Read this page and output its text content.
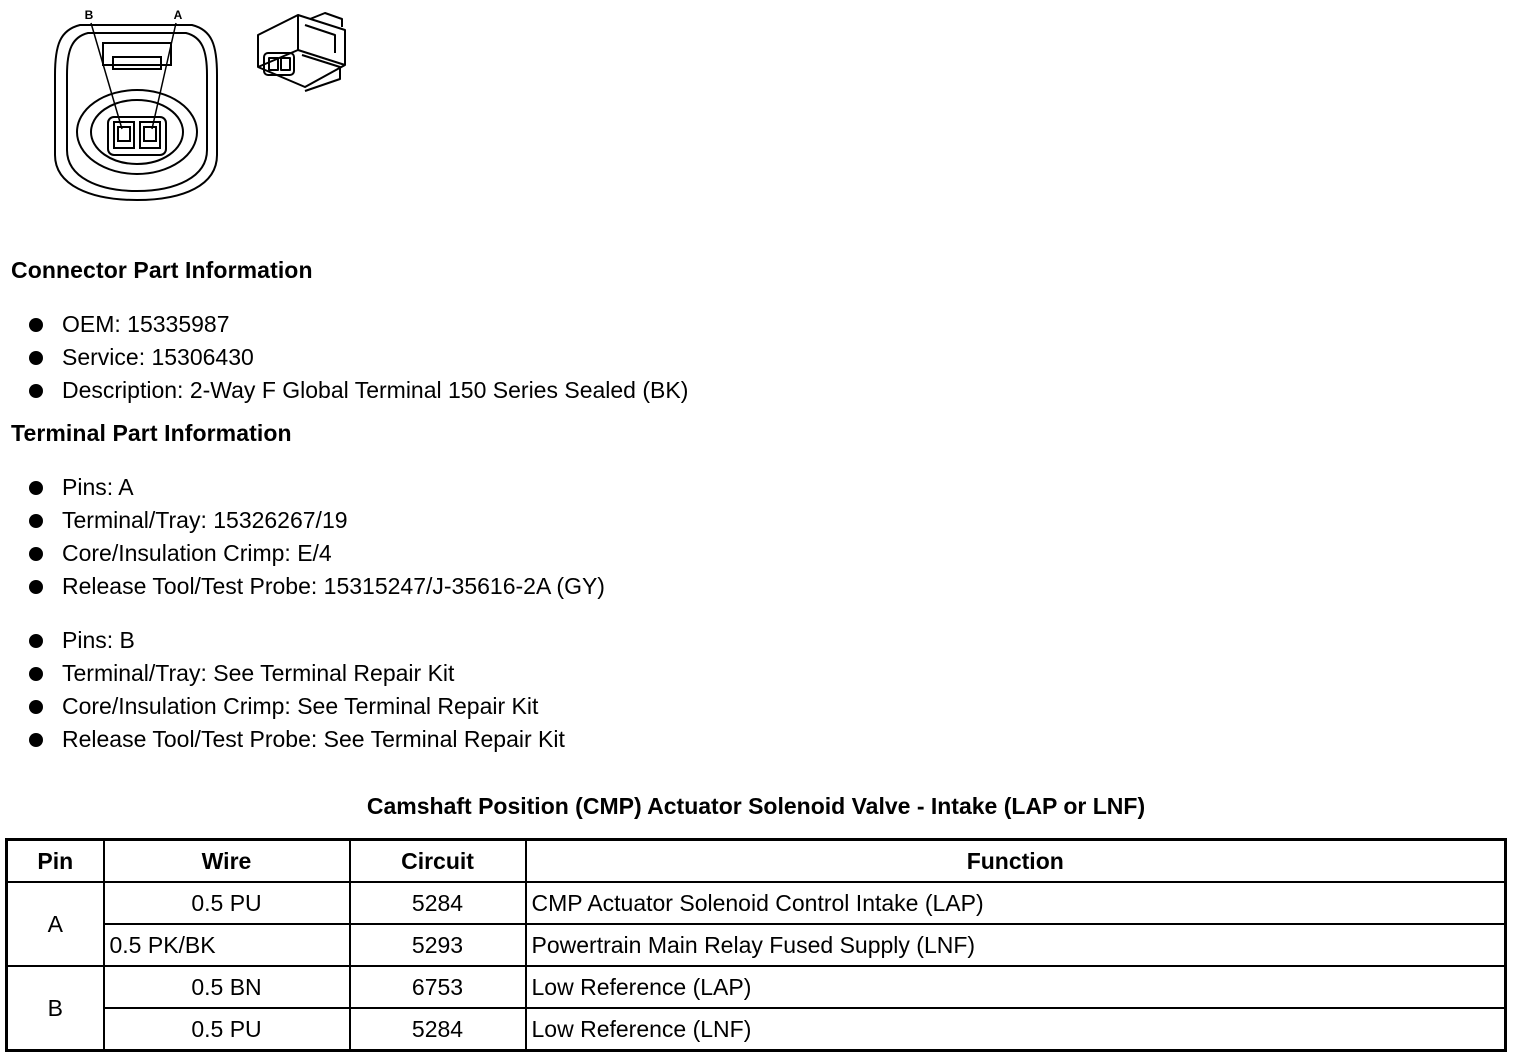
B	A
Connector Part Information
OEM: 15335987
Service: 15306430
Description: 2-Way F Global Terminal 150 Series Sealed (BK)
Terminal Part Information
Pins: A
Terminal/Tray: 15326267/19
Core/Insulation Crimp: E/4
Release Tool/Test Probe: 15315247/J-35616-2A (GY)
Pins: B
Terminal/Tray: See Terminal Repair Kit
Core/Insulation Crimp: See Terminal Repair Kit
Release Tool/Test Probe: See Terminal Repair Kit
Camshaft Position (CMP) Actuator Solenoid Valve - Intake (LAP or LNF)
Pin	Wire	Circuit	Function
A	0.5 PU	5284	CMP Actuator Solenoid Control Intake (LAP)
	0.5 PK/BK	5293	Powertrain Main Relay Fused Supply (LNF)
B	0.5 BN	6753	Low Reference (LAP)
	0.5 PU	5284	Low Reference (LNF)
